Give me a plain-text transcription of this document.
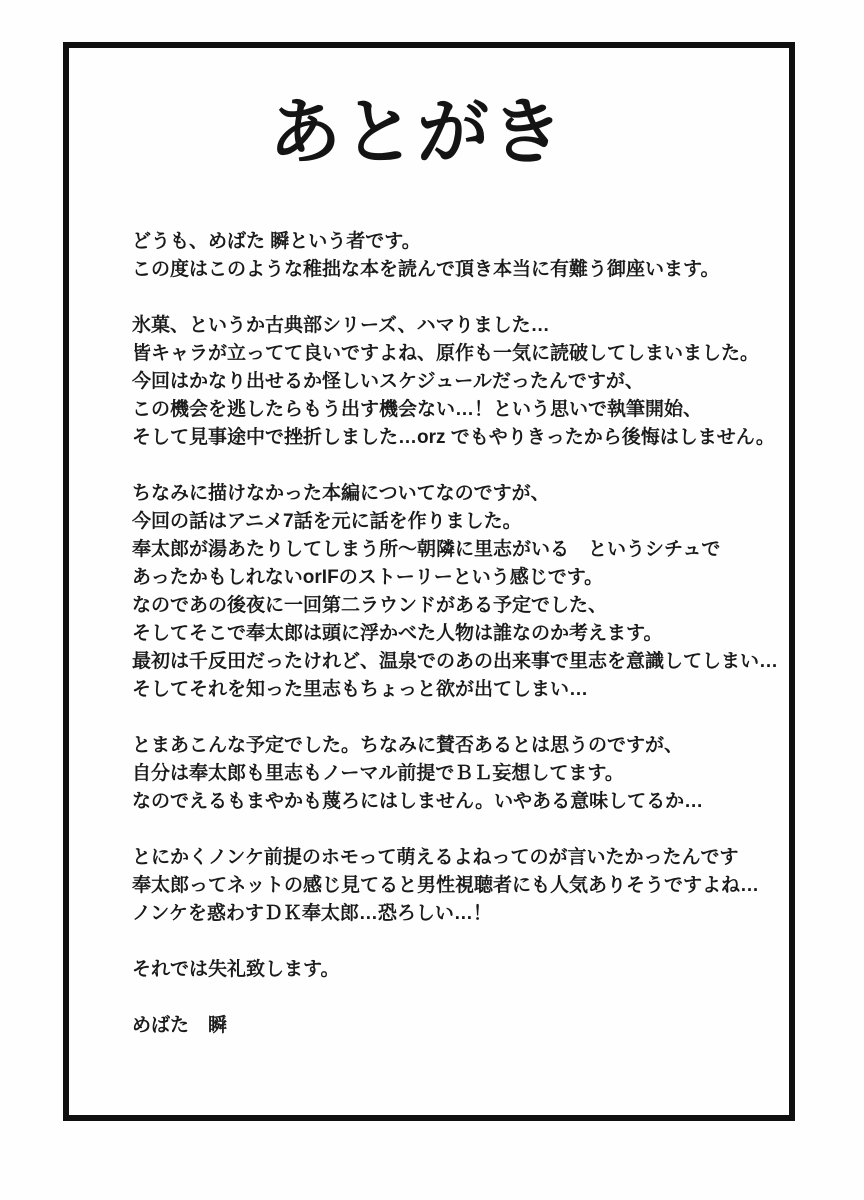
あとがき

どうも、めばた 瞬という者です。
この度はこのような稚拙な本を読んで頂き本当に有難う御座います。

氷菓、というか古典部シリーズ、ハマりました…
皆キャラが立ってて良いですよね、原作も一気に読破してしまいました。
今回はかなり出せるか怪しいスケジュールだったんですが、
この機会を逃したらもう出す機会ない…！という思いで執筆開始、
そして見事途中で挫折しました…orz でもやりきったから後悔はしません。

ちなみに描けなかった本編についてなのですが、
今回の話はアニメ7話を元に話を作りました。
奉太郎が湯あたりしてしまう所〜朝隣に里志がいる　というシチュで
あったかもしれないorIFのストーリーという感じです。
なのであの後夜に一回第二ラウンドがある予定でした、
そしてそこで奉太郎は頭に浮かべた人物は誰なのか考えます。
最初は千反田だったけれど、温泉でのあの出来事で里志を意識してしまい…
そしてそれを知った里志もちょっと欲が出てしまい…

とまあこんな予定でした。ちなみに賛否あるとは思うのですが、
自分は奉太郎も里志もノーマル前提でＢＬ妄想してます。
なのでえるもまやかも蔑ろにはしません。いやある意味してるか…

とにかくノンケ前提のホモって萌えるよねってのが言いたかったんです
奉太郎ってネットの感じ見てると男性視聴者にも人気ありそうですよね…
ノンケを惑わすＤＫ奉太郎…恐ろしい…！

それでは失礼致します。

めばた　瞬
